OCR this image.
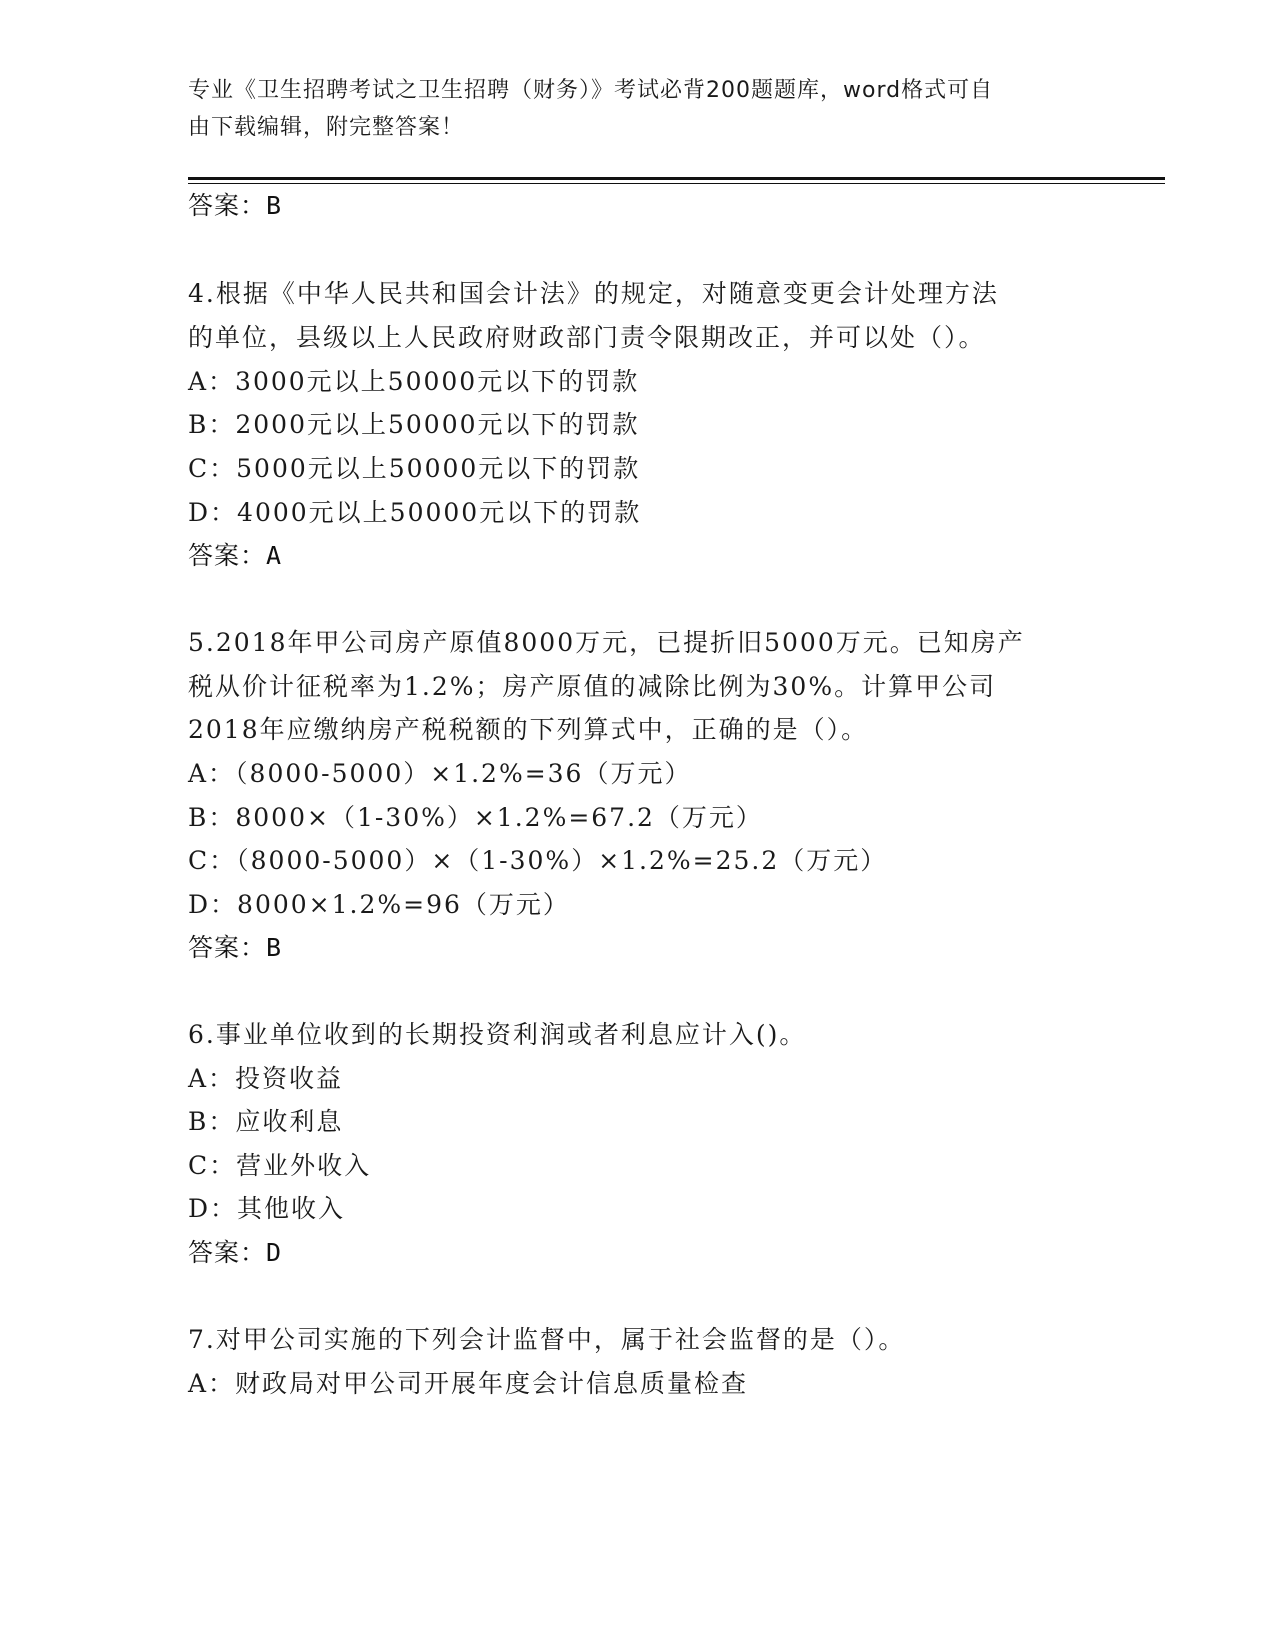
专业《卫生招聘考试之卫生招聘（财务）》考试必背200题题库，word格式可自
由下载编辑，附完整答案！
答案：B
4.根据《中华人民共和国会计法》的规定，对随意变更会计处理方法
的单位，县级以上人民政府财政部门责令限期改正，并可以处（）。
A：3000元以上50000元以下的罚款
B：2000元以上50000元以下的罚款
C：5000元以上50000元以下的罚款
D：4000元以上50000元以下的罚款
答案：A
5.2018年甲公司房产原值8000万元，已提折旧5000万元。已知房产
税从价计征税率为1.2%；房产原值的减除比例为30%。计算甲公司
2018年应缴纳房产税税额的下列算式中，正确的是（）。
A：（8000-5000）×1.2%=36（万元）
B：8000×（1-30%）×1.2%=67.2（万元）
C：（8000-5000）×（1-30%）×1.2%=25.2（万元）
D：8000×1.2%=96（万元）
答案：B
6.事业单位收到的长期投资利润或者利息应计入()。
A：投资收益
B：应收利息
C：营业外收入
D：其他收入
答案：D
7.对甲公司实施的下列会计监督中，属于社会监督的是（）。
A：财政局对甲公司开展年度会计信息质量检查
